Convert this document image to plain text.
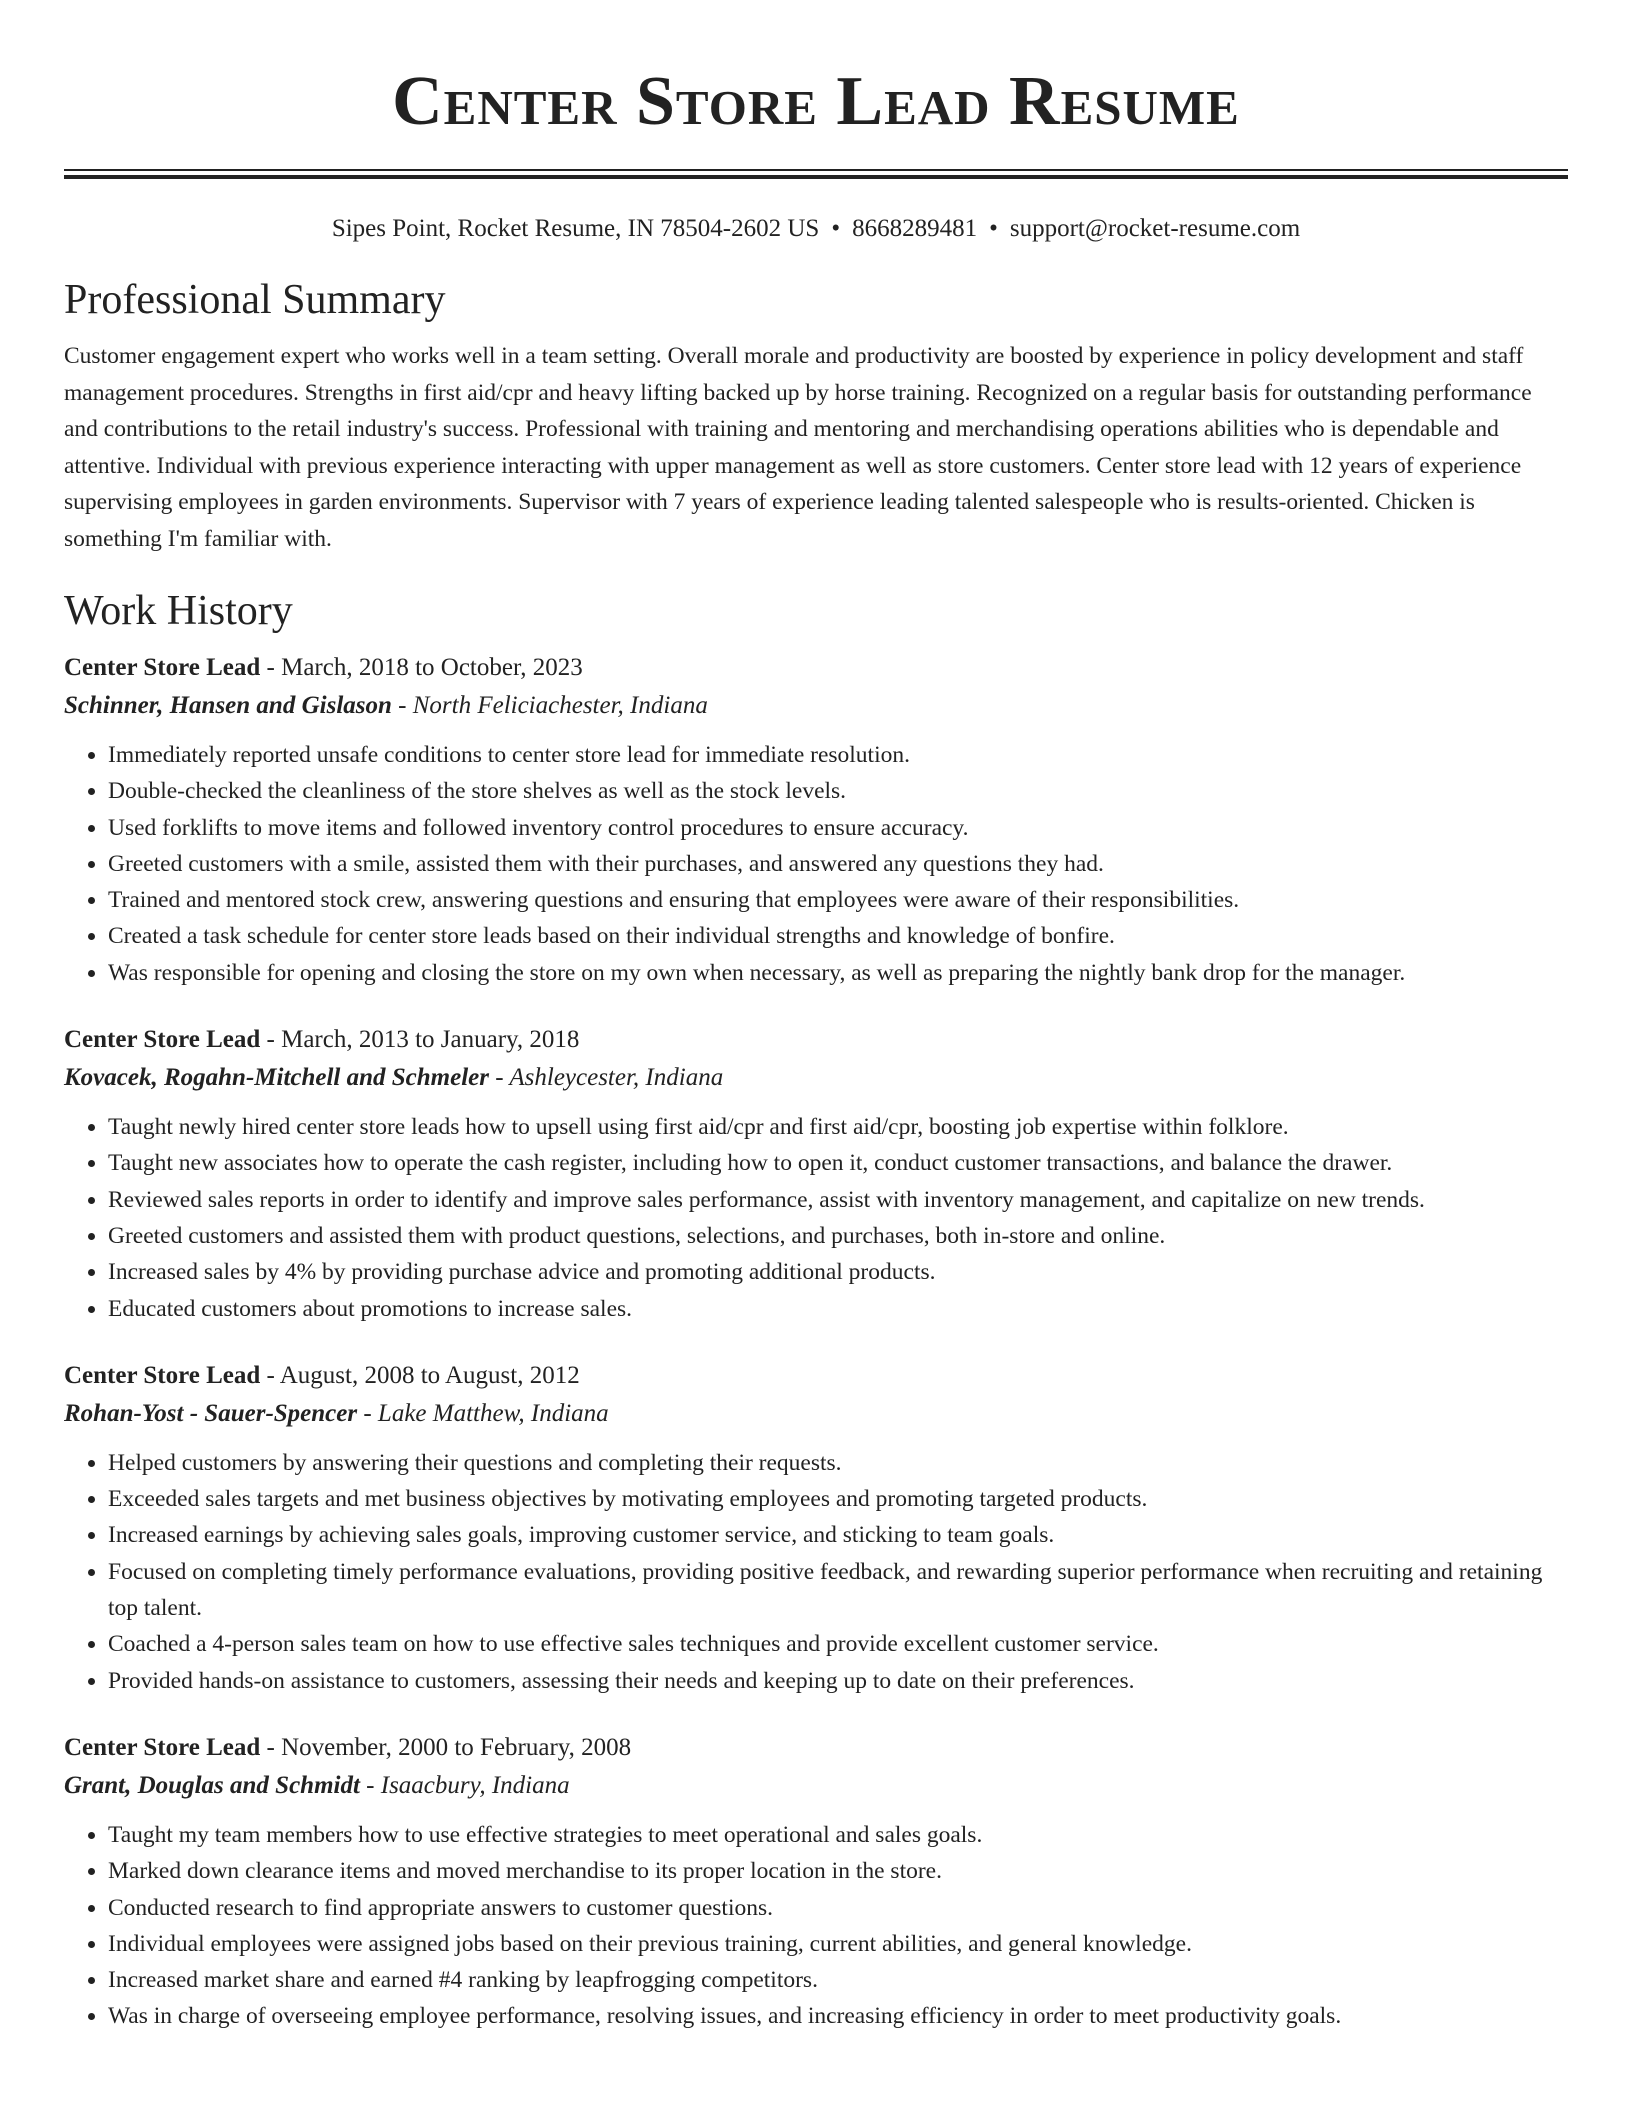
Center Store Lead Resume
Sipes Point, Rocket Resume, IN 78504-2602 US • 8668289481 • support@rocket-resume.com
Professional Summary

Customer engagement expert who works well in a team setting. Overall morale and productivity are boosted by experience in policy development and staff management procedures. Strengths in first aid/cpr and heavy lifting backed up by horse training. Recognized on a regular basis for outstanding performance and contributions to the retail industry's success. Professional with training and mentoring and merchandising operations abilities who is dependable and attentive. Individual with previous experience interacting with upper management as well as store customers. Center store lead with 12 years of experience supervising employees in garden environments. Supervisor with 7 years of experience leading talented salespeople who is results-oriented. Chicken is something I'm familiar with.

Work History
Center Store Lead - March, 2018 to October, 2023
Schinner, Hansen and Gislason - North Feliciachester, Indiana
• Immediately reported unsafe conditions to center store lead for immediate resolution.
• Double-checked the cleanliness of the store shelves as well as the stock levels.
• Used forklifts to move items and followed inventory control procedures to ensure accuracy.
• Greeted customers with a smile, assisted them with their purchases, and answered any questions they had.
• Trained and mentored stock crew, answering questions and ensuring that employees were aware of their responsibilities.
• Created a task schedule for center store leads based on their individual strengths and knowledge of bonfire.
• Was responsible for opening and closing the store on my own when necessary, as well as preparing the nightly bank drop for the manager.
Center Store Lead - March, 2013 to January, 2018
Kovacek, Rogahn-Mitchell and Schmeler - Ashleycester, Indiana
• Taught newly hired center store leads how to upsell using first aid/cpr and first aid/cpr, boosting job expertise within folklore.
• Taught new associates how to operate the cash register, including how to open it, conduct customer transactions, and balance the drawer.
• Reviewed sales reports in order to identify and improve sales performance, assist with inventory management, and capitalize on new trends.
• Greeted customers and assisted them with product questions, selections, and purchases, both in-store and online.
• Increased sales by 4% by providing purchase advice and promoting additional products.
• Educated customers about promotions to increase sales.
Center Store Lead - August, 2008 to August, 2012
Rohan-Yost - Sauer-Spencer - Lake Matthew, Indiana
• Helped customers by answering their questions and completing their requests.
• Exceeded sales targets and met business objectives by motivating employees and promoting targeted products.
• Increased earnings by achieving sales goals, improving customer service, and sticking to team goals.
• Focused on completing timely performance evaluations, providing positive feedback, and rewarding superior performance when recruiting and retaining top talent.
• Coached a 4-person sales team on how to use effective sales techniques and provide excellent customer service.
• Provided hands-on assistance to customers, assessing their needs and keeping up to date on their preferences.
Center Store Lead - November, 2000 to February, 2008
Grant, Douglas and Schmidt - Isaacbury, Indiana
• Taught my team members how to use effective strategies to meet operational and sales goals.
• Marked down clearance items and moved merchandise to its proper location in the store.
• Conducted research to find appropriate answers to customer questions.
• Individual employees were assigned jobs based on their previous training, current abilities, and general knowledge.
• Increased market share and earned #4 ranking by leapfrogging competitors.
• Was in charge of overseeing employee performance, resolving issues, and increasing efficiency in order to meet productivity goals.
